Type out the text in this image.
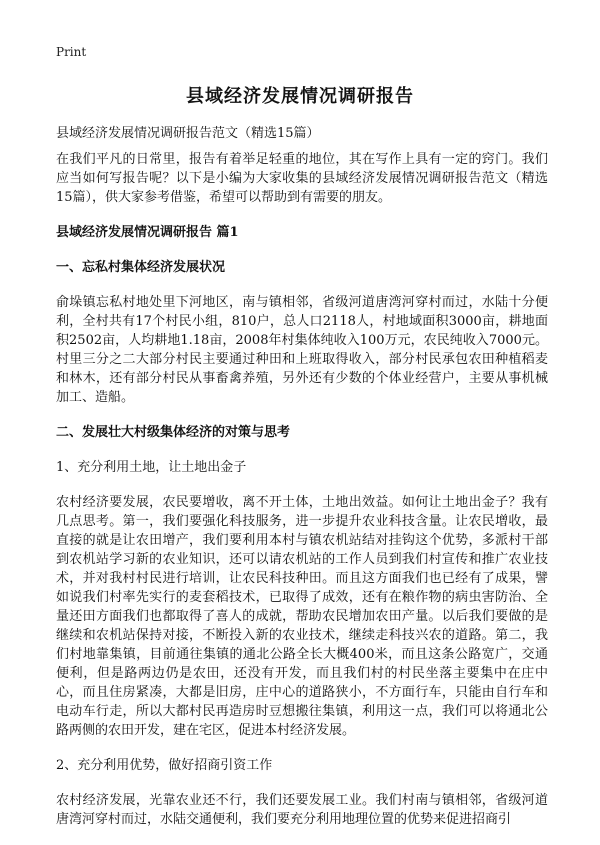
Print
县域经济发展情况调研报告

县域经济发展情况调研报告范文（精选15篇）

在我们平凡的日常里，报告有着举足轻重的地位，其在写作上具有一定的窍门。我们应当如何写报告呢？以下是小编为大家收集的县域经济发展情况调研报告范文（精选15篇），供大家参考借鉴，希望可以帮助到有需要的朋友。

县域经济发展情况调研报告 篇1
一、忘私村集体经济发展状况

俞垛镇忘私村地处里下河地区，南与镇相邻，省级河道唐湾河穿村而过，水陆十分便利，全村共有17个村民小组，810户，总人口2118人，村地域面积3000亩，耕地面积2502亩，人均耕地1.18亩，2008年村集体纯收入100万元，农民纯收入7000元。村里三分之二大部分村民主要通过种田和上班取得收入，部分村民承包农田种植稻麦和林木，还有部分村民从事畜禽养殖，另外还有少数的个体业经营户，主要从事机械加工、造船。

二、发展壮大村级集体经济的对策与思考
1、充分利用土地，让土地出金子

农村经济要发展，农民要增收，离不开土体，土地出效益。如何让土地出金子？我有几点思考。第一，我们要强化科技服务，进一步提升农业科技含量。让农民增收，最直接的就是让农田增产，我们要利用本村与镇农机站结对挂钩这个优势，多派村干部到农机站学习新的农业知识，还可以请农机站的工作人员到我们村宣传和推广农业技术，并对我村村民进行培训，让农民科技种田。而且这方面我们也已经有了成果，譬如说我们村率先实行的麦套稻技术，已取得了成效，还有在粮作物的病虫害防治、全量还田方面我们也都取得了喜人的成就，帮助农民增加农田产量。以后我们要做的是继续和农机站保持对接，不断投入新的农业技术，继续走科技兴农的道路。第二，我们村地靠集镇，目前通往集镇的通北公路全长大概400米，而且这条公路宽广，交通便利，但是路两边仍是农田，还没有开发，而且我们村的村民坐落主要集中在庄中心，而且住房紧凑，大都是旧房，庄中心的道路狭小，不方面行车，只能由自行车和电动车行走，所以大都村民再造房时豆想搬往集镇，利用这一点，我们可以将通北公路两侧的农田开发，建在宅区，促进本村经济发展。

2、充分利用优势，做好招商引资工作

农村经济发展，光靠农业还不行，我们还要发展工业。我们村南与镇相邻，省级河道唐湾河穿村而过，水陆交通便利，我们要充分利用地理位置的优势来促进招商引
